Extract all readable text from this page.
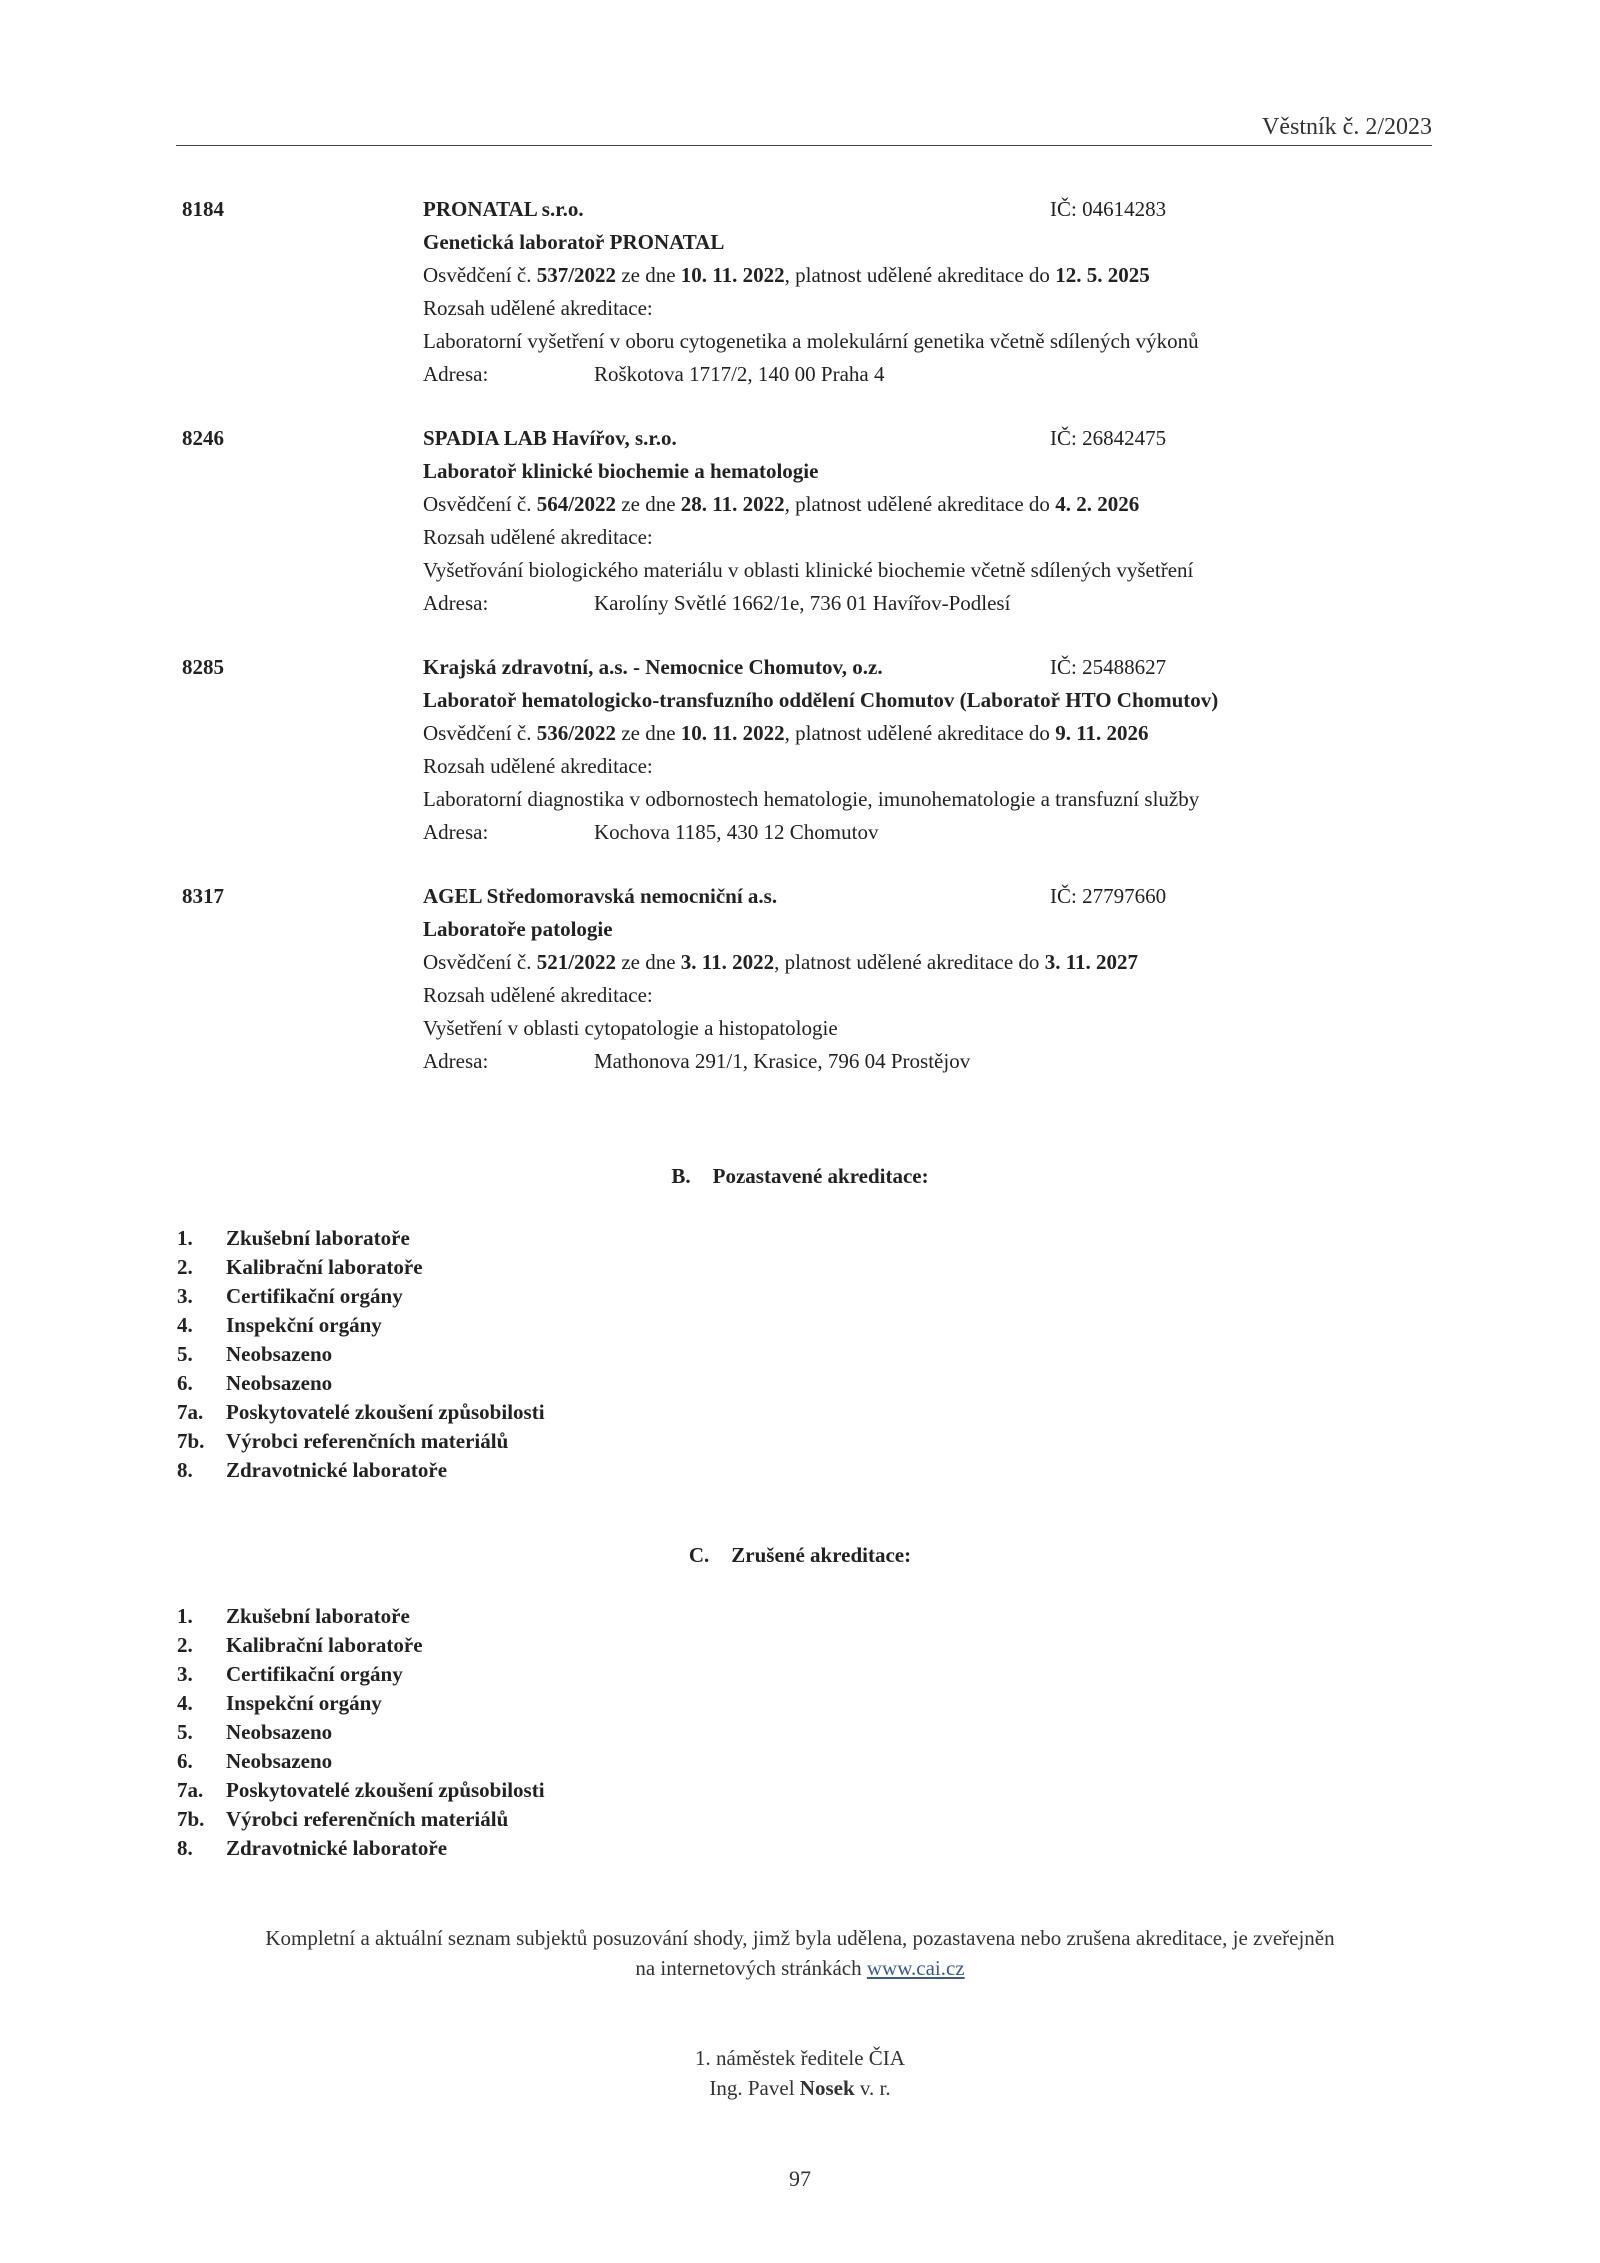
Věstník č. 2/2023
8184	PRONATAL s.r.o.	IČ: 04614283
Genetická laboratoř PRONATAL
Osvědčení č. 537/2022 ze dne 10. 11. 2022, platnost udělené akreditace do 12. 5. 2025
Rozsah udělené akreditace:
Laboratorní vyšetření v oboru cytogenetika a molekulární genetika včetně sdílených výkonů
Adresa:	Roškotova 1717/2, 140 00 Praha 4
8246	SPADIA LAB Havířov, s.r.o.	IČ: 26842475
Laboratoř klinické biochemie a hematologie
Osvědčení č. 564/2022 ze dne 28. 11. 2022, platnost udělené akreditace do 4. 2. 2026
Rozsah udělené akreditace:
Vyšetřování biologického materiálu v oblasti klinické biochemie včetně sdílených vyšetření
Adresa:	Karolíny Světlé 1662/1e, 736 01 Havířov-Podlesí
8285	Krajská zdravotní, a.s. - Nemocnice Chomutov, o.z.	IČ: 25488627
Laboratoř hematologicko-transfuzního oddělení Chomutov (Laboratoř HTO Chomutov)
Osvědčení č. 536/2022 ze dne 10. 11. 2022, platnost udělené akreditace do 9. 11. 2026
Rozsah udělené akreditace:
Laboratorní diagnostika v odbornostech hematologie, imunohematologie a transfuzní služby
Adresa:	Kochova 1185, 430 12 Chomutov
8317	AGEL Středomoravská nemocniční a.s.	IČ: 27797660
Laboratoře patologie
Osvědčení č. 521/2022 ze dne 3. 11. 2022, platnost udělené akreditace do 3. 11. 2027
Rozsah udělené akreditace:
Vyšetření v oblasti cytopatologie a histopatologie
Adresa:	Mathonova 291/1, Krasice, 796 04 Prostějov
B. Pozastavené akreditace:
1. Zkušební laboratoře
2. Kalibrační laboratoře
3. Certifikační orgány
4. Inspekční orgány
5. Neobsazeno
6. Neobsazeno
7a. Poskytovatelé zkoušení způsobilosti
7b. Výrobci referenčních materiálů
8. Zdravotnické laboratoře
C. Zrušené akreditace:
1. Zkušební laboratoře
2. Kalibrační laboratoře
3. Certifikační orgány
4. Inspekční orgány
5. Neobsazeno
6. Neobsazeno
7a. Poskytovatelé zkoušení způsobilosti
7b. Výrobci referenčních materiálů
8. Zdravotnické laboratoře
Kompletní a aktuální seznam subjektů posuzování shody, jimž byla udělena, pozastavena nebo zrušena akreditace, je zveřejněn
na internetových stránkách www.cai.cz
1. náměstek ředitele ČIA
Ing. Pavel Nosek v. r.
97
